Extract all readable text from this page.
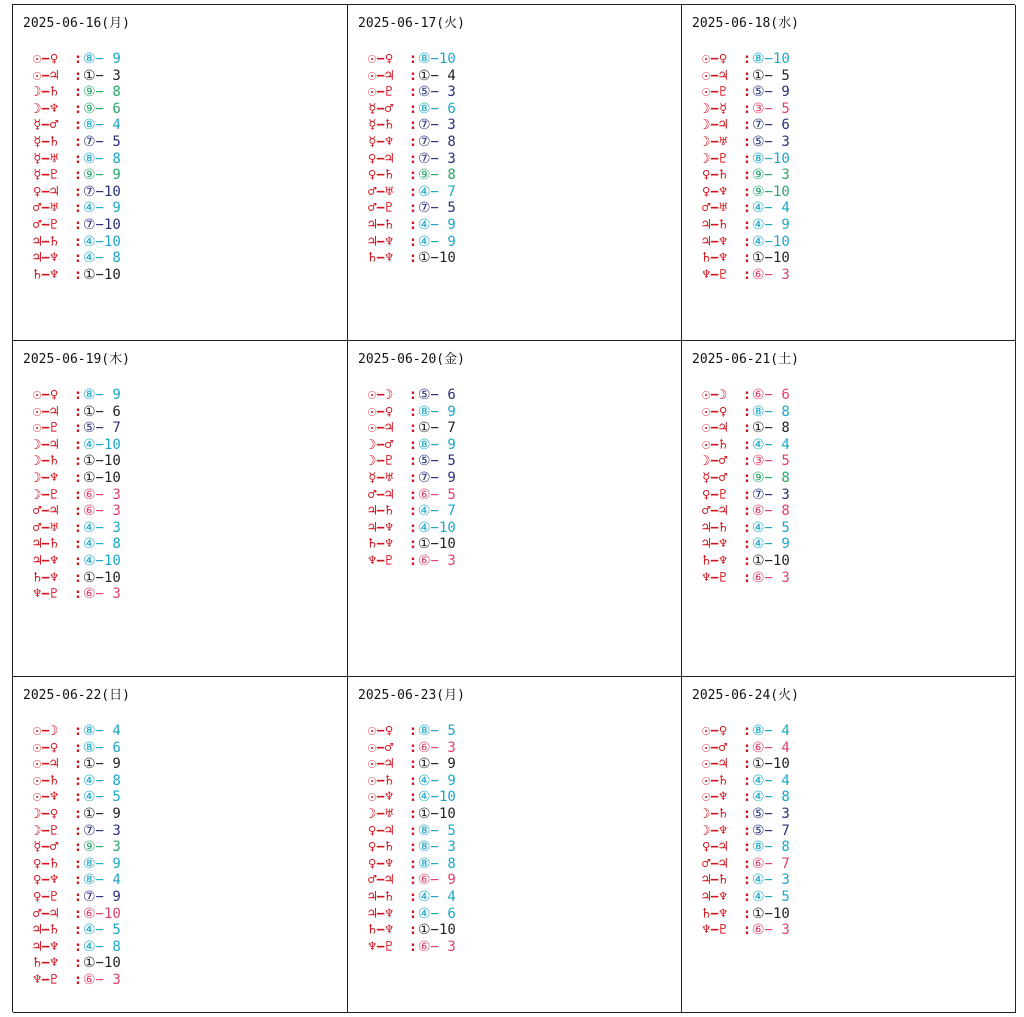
2025-06-16(月)
☉−♀	: ⑧− 9
☉−♃	: ①− 3
☽−♄	: ⑨− 8
☽−♆	: ⑨− 6
☿−♂	: ⑧− 4
☿−♄	: ⑦− 5
☿−♅	: ⑧− 8
☿−♇	: ⑨− 9
♀−♃	: ⑦−10
♂−♅	: ④− 9
♂−♇	: ⑦−10
♃−♄	: ④−10
♃−♆	: ④− 8
♄−♆	: ①−10
2025-06-17(火)
☉−♀	: ⑧−10
☉−♃	: ①− 4
☉−♇	: ⑤− 3
☿−♂	: ⑧− 6
☿−♄	: ⑦− 3
☿−♆	: ⑦− 8
♀−♃	: ⑦− 3
♀−♄	: ⑨− 8
♂−♅	: ④− 7
♂−♇	: ⑦− 5
♃−♄	: ④− 9
♃−♆	: ④− 9
♄−♆	: ①−10
2025-06-18(水)
☉−♀	: ⑧−10
☉−♃	: ①− 5
☉−♇	: ⑤− 9
☽−☿	: ③− 5
☽−♃	: ⑦− 6
☽−♅	: ⑤− 3
☽−♇	: ⑧−10
♀−♄	: ⑨− 3
♀−♆	: ⑨−10
♂−♅	: ④− 4
♃−♄	: ④− 9
♃−♆	: ④−10
♄−♆	: ①−10
♆−♇	: ⑥− 3
2025-06-19(木)
☉−♀	: ⑧− 9
☉−♃	: ①− 6
☉−♇	: ⑤− 7
☽−♃	: ④−10
☽−♄	: ①−10
☽−♆	: ①−10
☽−♇	: ⑥− 3
♂−♃	: ⑥− 3
♂−♅	: ④− 3
♃−♄	: ④− 8
♃−♆	: ④−10
♄−♆	: ①−10
♆−♇	: ⑥− 3
2025-06-20(金)
☉−☽	: ⑤− 6
☉−♀	: ⑧− 9
☉−♃	: ①− 7
☽−♂	: ⑧− 9
☽−♇	: ⑤− 5
☿−♅	: ⑦− 9
♂−♃	: ⑥− 5
♃−♄	: ④− 7
♃−♆	: ④−10
♄−♆	: ①−10
♆−♇	: ⑥− 3
2025-06-21(土)
☉−☽	: ⑥− 6
☉−♀	: ⑧− 8
☉−♃	: ①− 8
☉−♄	: ④− 4
☽−♂	: ③− 5
☿−♂	: ⑨− 8
♀−♇	: ⑦− 3
♂−♃	: ⑥− 8
♃−♄	: ④− 5
♃−♆	: ④− 9
♄−♆	: ①−10
♆−♇	: ⑥− 3
2025-06-22(日)
☉−☽	: ⑧− 4
☉−♀	: ⑧− 6
☉−♃	: ①− 9
☉−♄	: ④− 8
☉−♆	: ④− 5
☽−♀	: ①− 9
☽−♇	: ⑦− 3
☿−♂	: ⑨− 3
♀−♄	: ⑧− 9
♀−♆	: ⑧− 4
♀−♇	: ⑦− 9
♂−♃	: ⑥−10
♃−♄	: ④− 5
♃−♆	: ④− 8
♄−♆	: ①−10
♆−♇	: ⑥− 3
2025-06-23(月)
☉−♀	: ⑧− 5
☉−♂	: ⑥− 3
☉−♃	: ①− 9
☉−♄	: ④− 9
☉−♆	: ④−10
☽−♅	: ①−10
♀−♃	: ⑧− 5
♀−♄	: ⑧− 3
♀−♆	: ⑧− 8
♂−♃	: ⑥− 9
♃−♄	: ④− 4
♃−♆	: ④− 6
♄−♆	: ①−10
♆−♇	: ⑥− 3
2025-06-24(火)
☉−♀	: ⑧− 4
☉−♂	: ⑥− 4
☉−♃	: ①−10
☉−♄	: ④− 4
☉−♆	: ④− 8
☽−♄	: ⑤− 3
☽−♆	: ⑤− 7
♀−♃	: ⑧− 8
♂−♃	: ⑥− 7
♃−♄	: ④− 3
♃−♆	: ④− 5
♄−♆	: ①−10
♆−♇	: ⑥− 3
